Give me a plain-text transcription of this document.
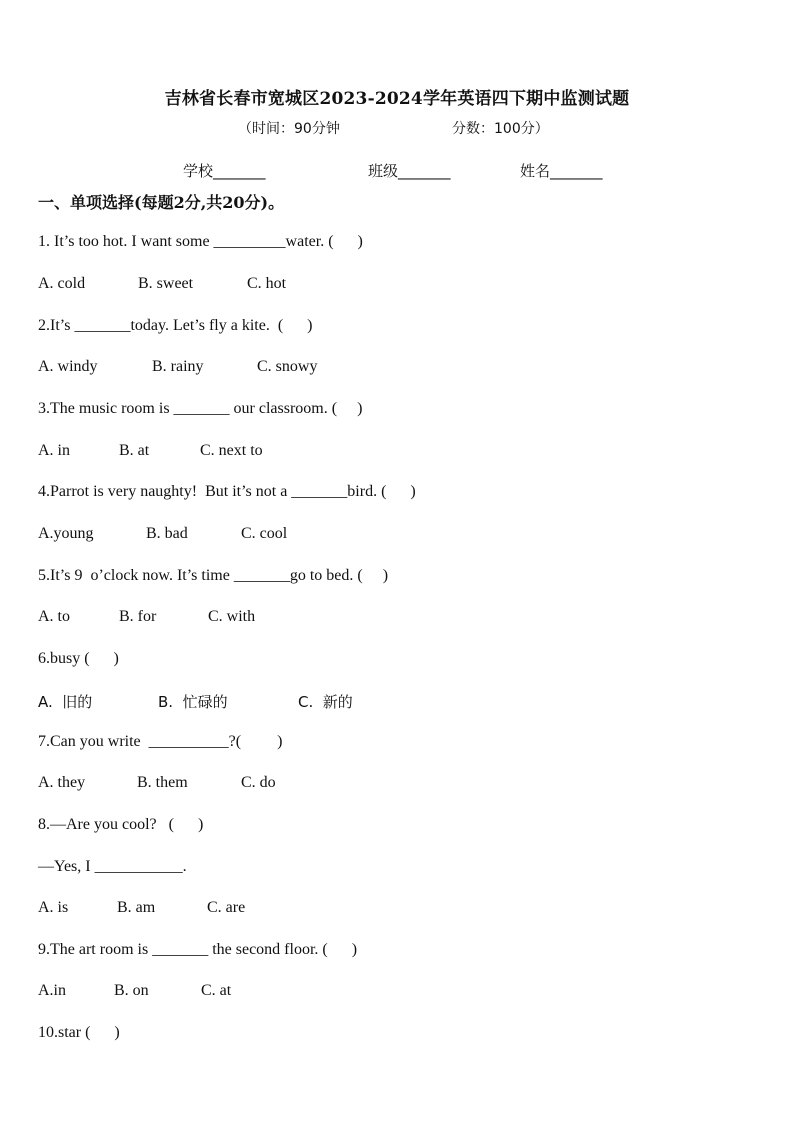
吉林省长春市宽城区2023-2024学年英语四下期中监测试题
（时间：90分钟	分数：100分）
学校_______	班级_______	姓名_______
一、单项选择(每题2分,共20分)。
1. It’s too hot. I want some _________water. (      )
A. cold	B. sweet	C. hot
2.It’s _______today. Let’s fly a kite.  (      )
A. windy	B. rainy	C. snowy
3.The music room is _______ our classroom. (     )
A. in	B. at	C. next to
4.Parrot is very naughty!  But it’s not a _______bird. (      )
A.young	B. bad	C. cool
5.It’s 9  o’clock now. It’s time _______go to bed. (     )
A. to	B. for	C. with
6.busy (      )
A.  旧的	B.  忙碌的	C.  新的
7.Can you write  __________?(         )
A. they	B. them	C. do
8.—Are you cool?   (      )
—Yes, I ___________.
A. is	B. am	C. are
9.The art room is _______ the second floor. (      )
A.in	B. on	C. at
10.star (      )
